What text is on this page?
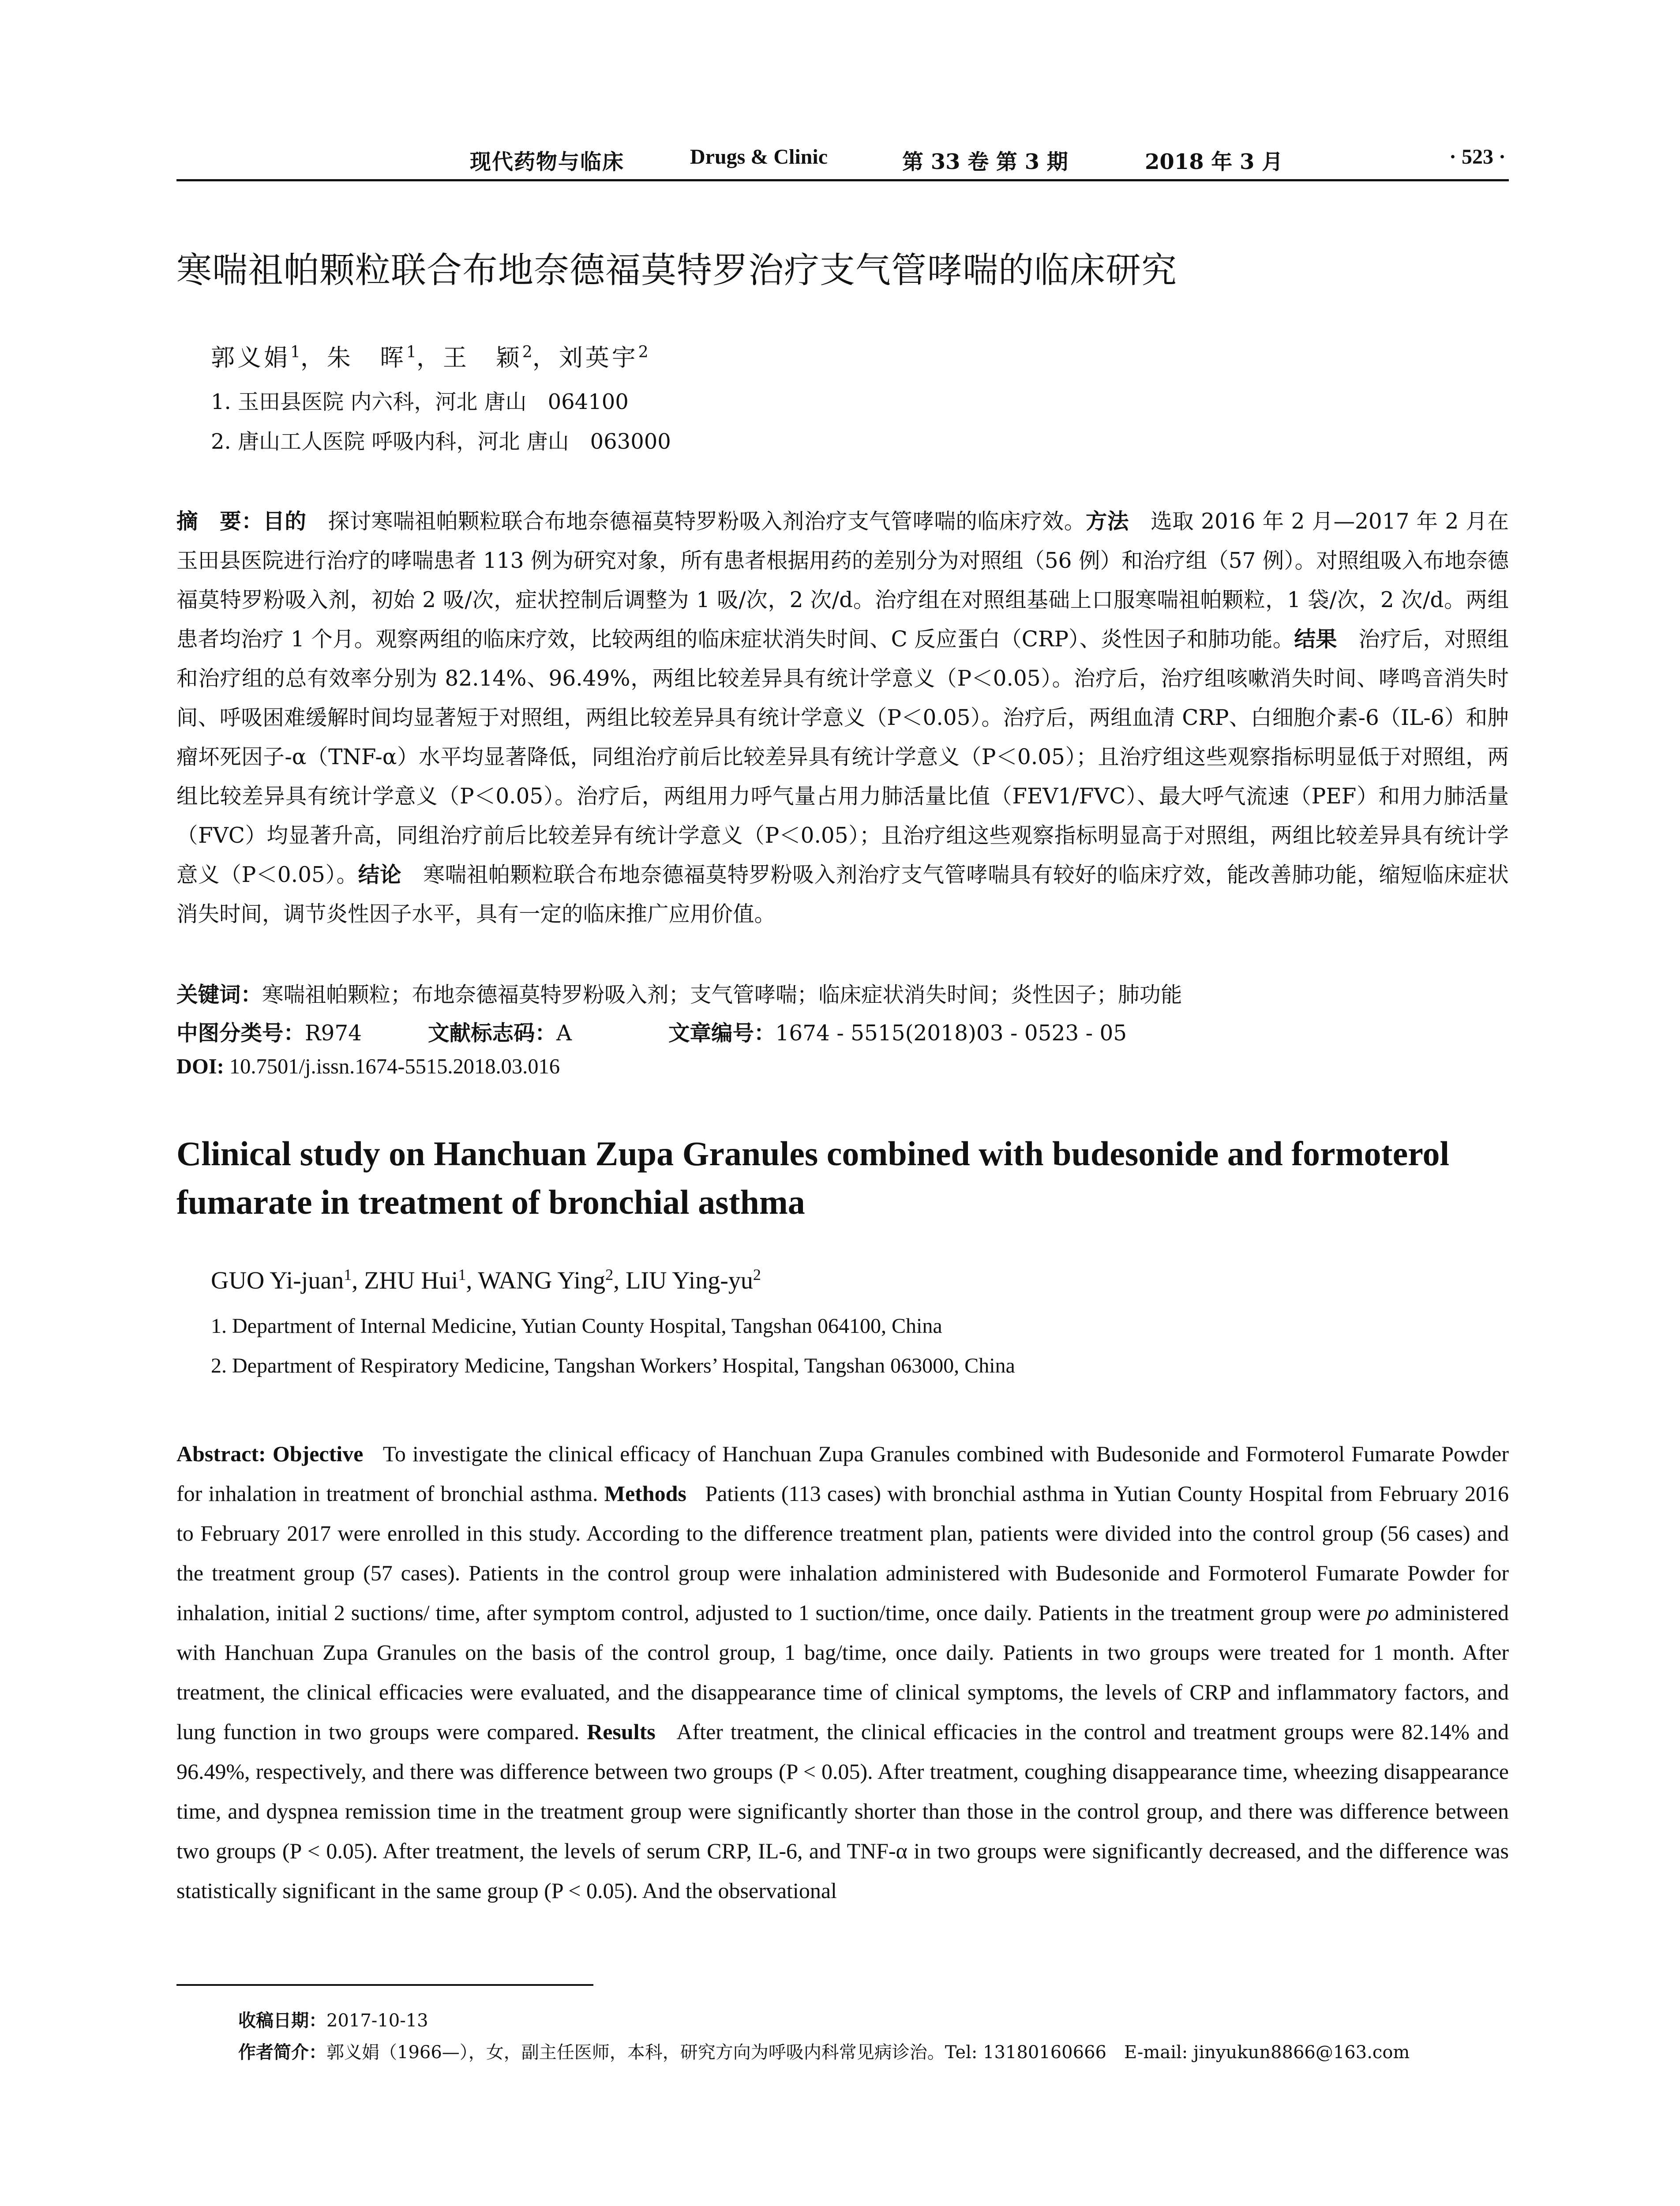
现代药物与临床	Drugs & Clinic	第 33 卷 第 3 期	2018 年 3 月	· 523 ·
寒喘祖帕颗粒联合布地奈德福莫特罗治疗支气管哮喘的临床研究
郭义娟$^1$，朱　晖$^1$，王　颖$^2$，刘英宇$^2$
1. 玉田县医院 内六科，河北 唐山　064100
2. 唐山工人医院 呼吸内科，河北 唐山　063000
摘　要：目的　 探讨寒喘祖帕颗粒联合布地奈德福莫特罗粉吸入剂治疗支气管哮喘的临床疗效。方法　 选取 2016 年 2 月—2017 年 2 月在玉田县医院进行治疗的哮喘患者 113 例为研究对象，所有患者根据用药的差别分为对照组（56 例）和治疗组（57 例）。对照组吸入布地奈德福莫特罗粉吸入剂，初始 2 吸/次，症状控制后调整为 1 吸/次，2 次/d。治疗组在对照组基础上口服寒喘祖帕颗粒，1 袋/次，2 次/d。两组患者均治疗 1 个月。观察两组的临床疗效，比较两组的临床症状消失时间、C 反应蛋白（CRP）、炎性因子和肺功能。结果　 治疗后，对照组和治疗组的总有效率分别为 82.14%、96.49%，两组比较差异具有统计学意义（P＜0.05）。治疗后，治疗组咳嗽消失时间、哮鸣音消失时间、呼吸困难缓解时间均显著短于对照组，两组比较差异具有统计学意义（P＜0.05）。治疗后，两组血清 CRP、白细胞介素-6（IL-6）和肿瘤坏死因子-α（TNF-α）水平均显著降低，同组治疗前后比较差异具有统计学意义（P＜0.05）；且治疗组这些观察指标明显低于对照组，两组比较差异具有统计学意义（P＜0.05）。治疗后，两组用力呼气量占用力肺活量比值（FEV1/FVC）、最大呼气流速（PEF）和用力肺活量（FVC）均显著升高，同组治疗前后比较差异有统计学意义（P＜0.05）；且治疗组这些观察指标明显高于对照组，两组比较差异具有统计学意义（P＜0.05）。结论　 寒喘祖帕颗粒联合布地奈德福莫特罗粉吸入剂治疗支气管哮喘具有较好的临床疗效，能改善肺功能，缩短临床症状消失时间，调节炎性因子水平，具有一定的临床推广应用价值。
关键词：寒喘祖帕颗粒；布地奈德福莫特罗粉吸入剂；支气管哮喘；临床症状消失时间；炎性因子；肺功能
中图分类号：R974	文献标志码：A	文章编号：1674 - 5515(2018)03 - 0523 - 05
DOI: 10.7501/j.issn.1674-5515.2018.03.016
Clinical study on Hanchuan Zupa Granules combined with budesonide and formoterol fumarate in treatment of bronchial asthma
GUO Yi-juan$^1$, ZHU Hui$^1$, WANG Ying$^2$, LIU Ying-$yu^2$
1. Department of Internal Medicine, Yutian County Hospital, Tangshan 064100, China
2. Department of Respiratory Medicine, Tangshan Workers’ Hospital, Tangshan 063000, China
Abstract: Objective To investigate the clinical efficacy of Hanchuan Zupa Granules combined with Budesonide and Formoterol Fumarate Powder for inhalation in treatment of bronchial asthma. Methods Patients (113 cases) with bronchial asthma in Yutian County Hospital from February 2016 to February 2017 were enrolled in this study. According to the difference treatment plan, patients were divided into the control group (56 cases) and the treatment group (57 cases). Patients in the control group were inhalation administered with Budesonide and Formoterol Fumarate Powder for inhalation, initial 2 suctions/ time, after symptom control, adjusted to 1 suction/time, once daily. Patients in the treatment group were po administered with Hanchuan Zupa Granules on the basis of the control group, 1 bag/time, once daily. Patients in two groups were treated for 1 month. After treatment, the clinical efficacies were evaluated, and the disappearance time of clinical symptoms, the levels of CRP and inflammatory factors, and lung function in two groups were compared. Results After treatment, the clinical efficacies in the control and treatment groups were 82.14% and 96.49%, respectively, and there was difference between two groups (P < 0.05). After treatment, coughing disappearance time, wheezing disappearance time, and dyspnea remission time in the treatment group were significantly shorter than those in the control group, and there was difference between two groups (P < 0.05). After treatment, the levels of serum CRP, IL-6, and TNF-α in two groups were significantly decreased, and the difference was statistically significant in the same group (P < 0.05). And the observational
收稿日期：2017-10-13
作者简介：郭义娟（1966—），女，副主任医师，本科，研究方向为呼吸内科常见病诊治。Tel: 13180160666　E-mail: jinyukun8866@163.com
